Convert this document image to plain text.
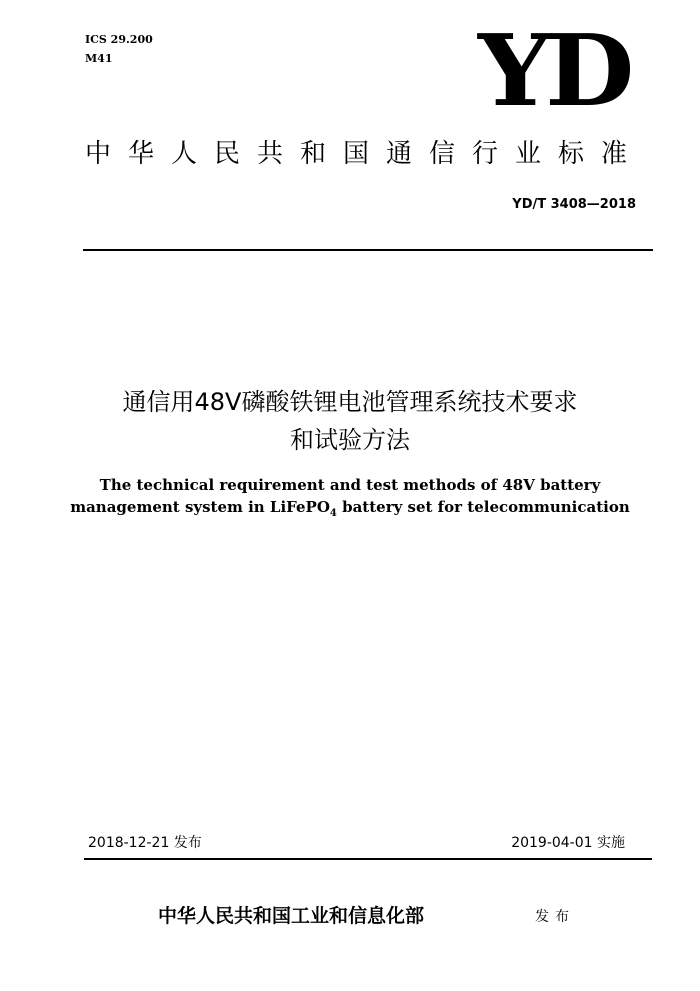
ICS 29.200
M41	YD
中华人民共和国通信行业标准
YD/T 3408—2018
通信用48V磷酸铁锂电池管理系统技术要求
和试验方法
The technical requirement and test methods of 48V battery
management system in LiFePO$_4$ battery set for telecommunication
2018-12-21 发布	2019-04-01 实施
中华人民共和国工业和信息化部	发布
